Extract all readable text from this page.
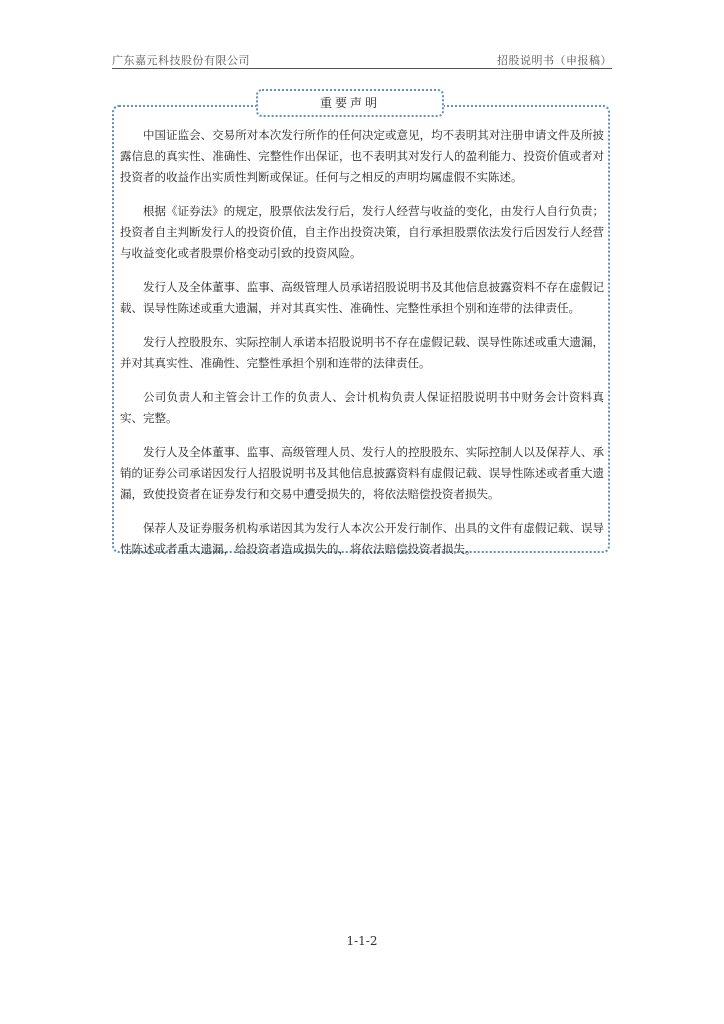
广东嘉元科技股份有限公司	招股说明书（申报稿）
重要声明

中国证监会、交易所对本次发行所作的任何决定或意见，均不表明其对注册申请文件及所披露信息的真实性、准确性、完整性作出保证，也不表明其对发行人的盈利能力、投资价值或者对投资者的收益作出实质性判断或保证。任何与之相反的声明均属虚假不实陈述。

根据《证券法》的规定，股票依法发行后，发行人经营与收益的变化，由发行人自行负责；投资者自主判断发行人的投资价值，自主作出投资决策，自行承担股票依法发行后因发行人经营与收益变化或者股票价格变动引致的投资风险。

发行人及全体董事、监事、高级管理人员承诺招股说明书及其他信息披露资料不存在虚假记载、误导性陈述或重大遗漏，并对其真实性、准确性、完整性承担个别和连带的法律责任。

发行人控股股东、实际控制人承诺本招股说明书不存在虚假记载、误导性陈述或重大遗漏，并对其真实性、准确性、完整性承担个别和连带的法律责任。

公司负责人和主管会计工作的负责人、会计机构负责人保证招股说明书中财务会计资料真实、完整。

发行人及全体董事、监事、高级管理人员、发行人的控股股东、实际控制人以及保荐人、承销的证券公司承诺因发行人招股说明书及其他信息披露资料有虚假记载、误导性陈述或者重大遗漏，致使投资者在证券发行和交易中遭受损失的，将依法赔偿投资者损失。

保荐人及证券服务机构承诺因其为发行人本次公开发行制作、出具的文件有虚假记载、误导性陈述或者重大遗漏，给投资者造成损失的，将依法赔偿投资者损失。

1-1-2
